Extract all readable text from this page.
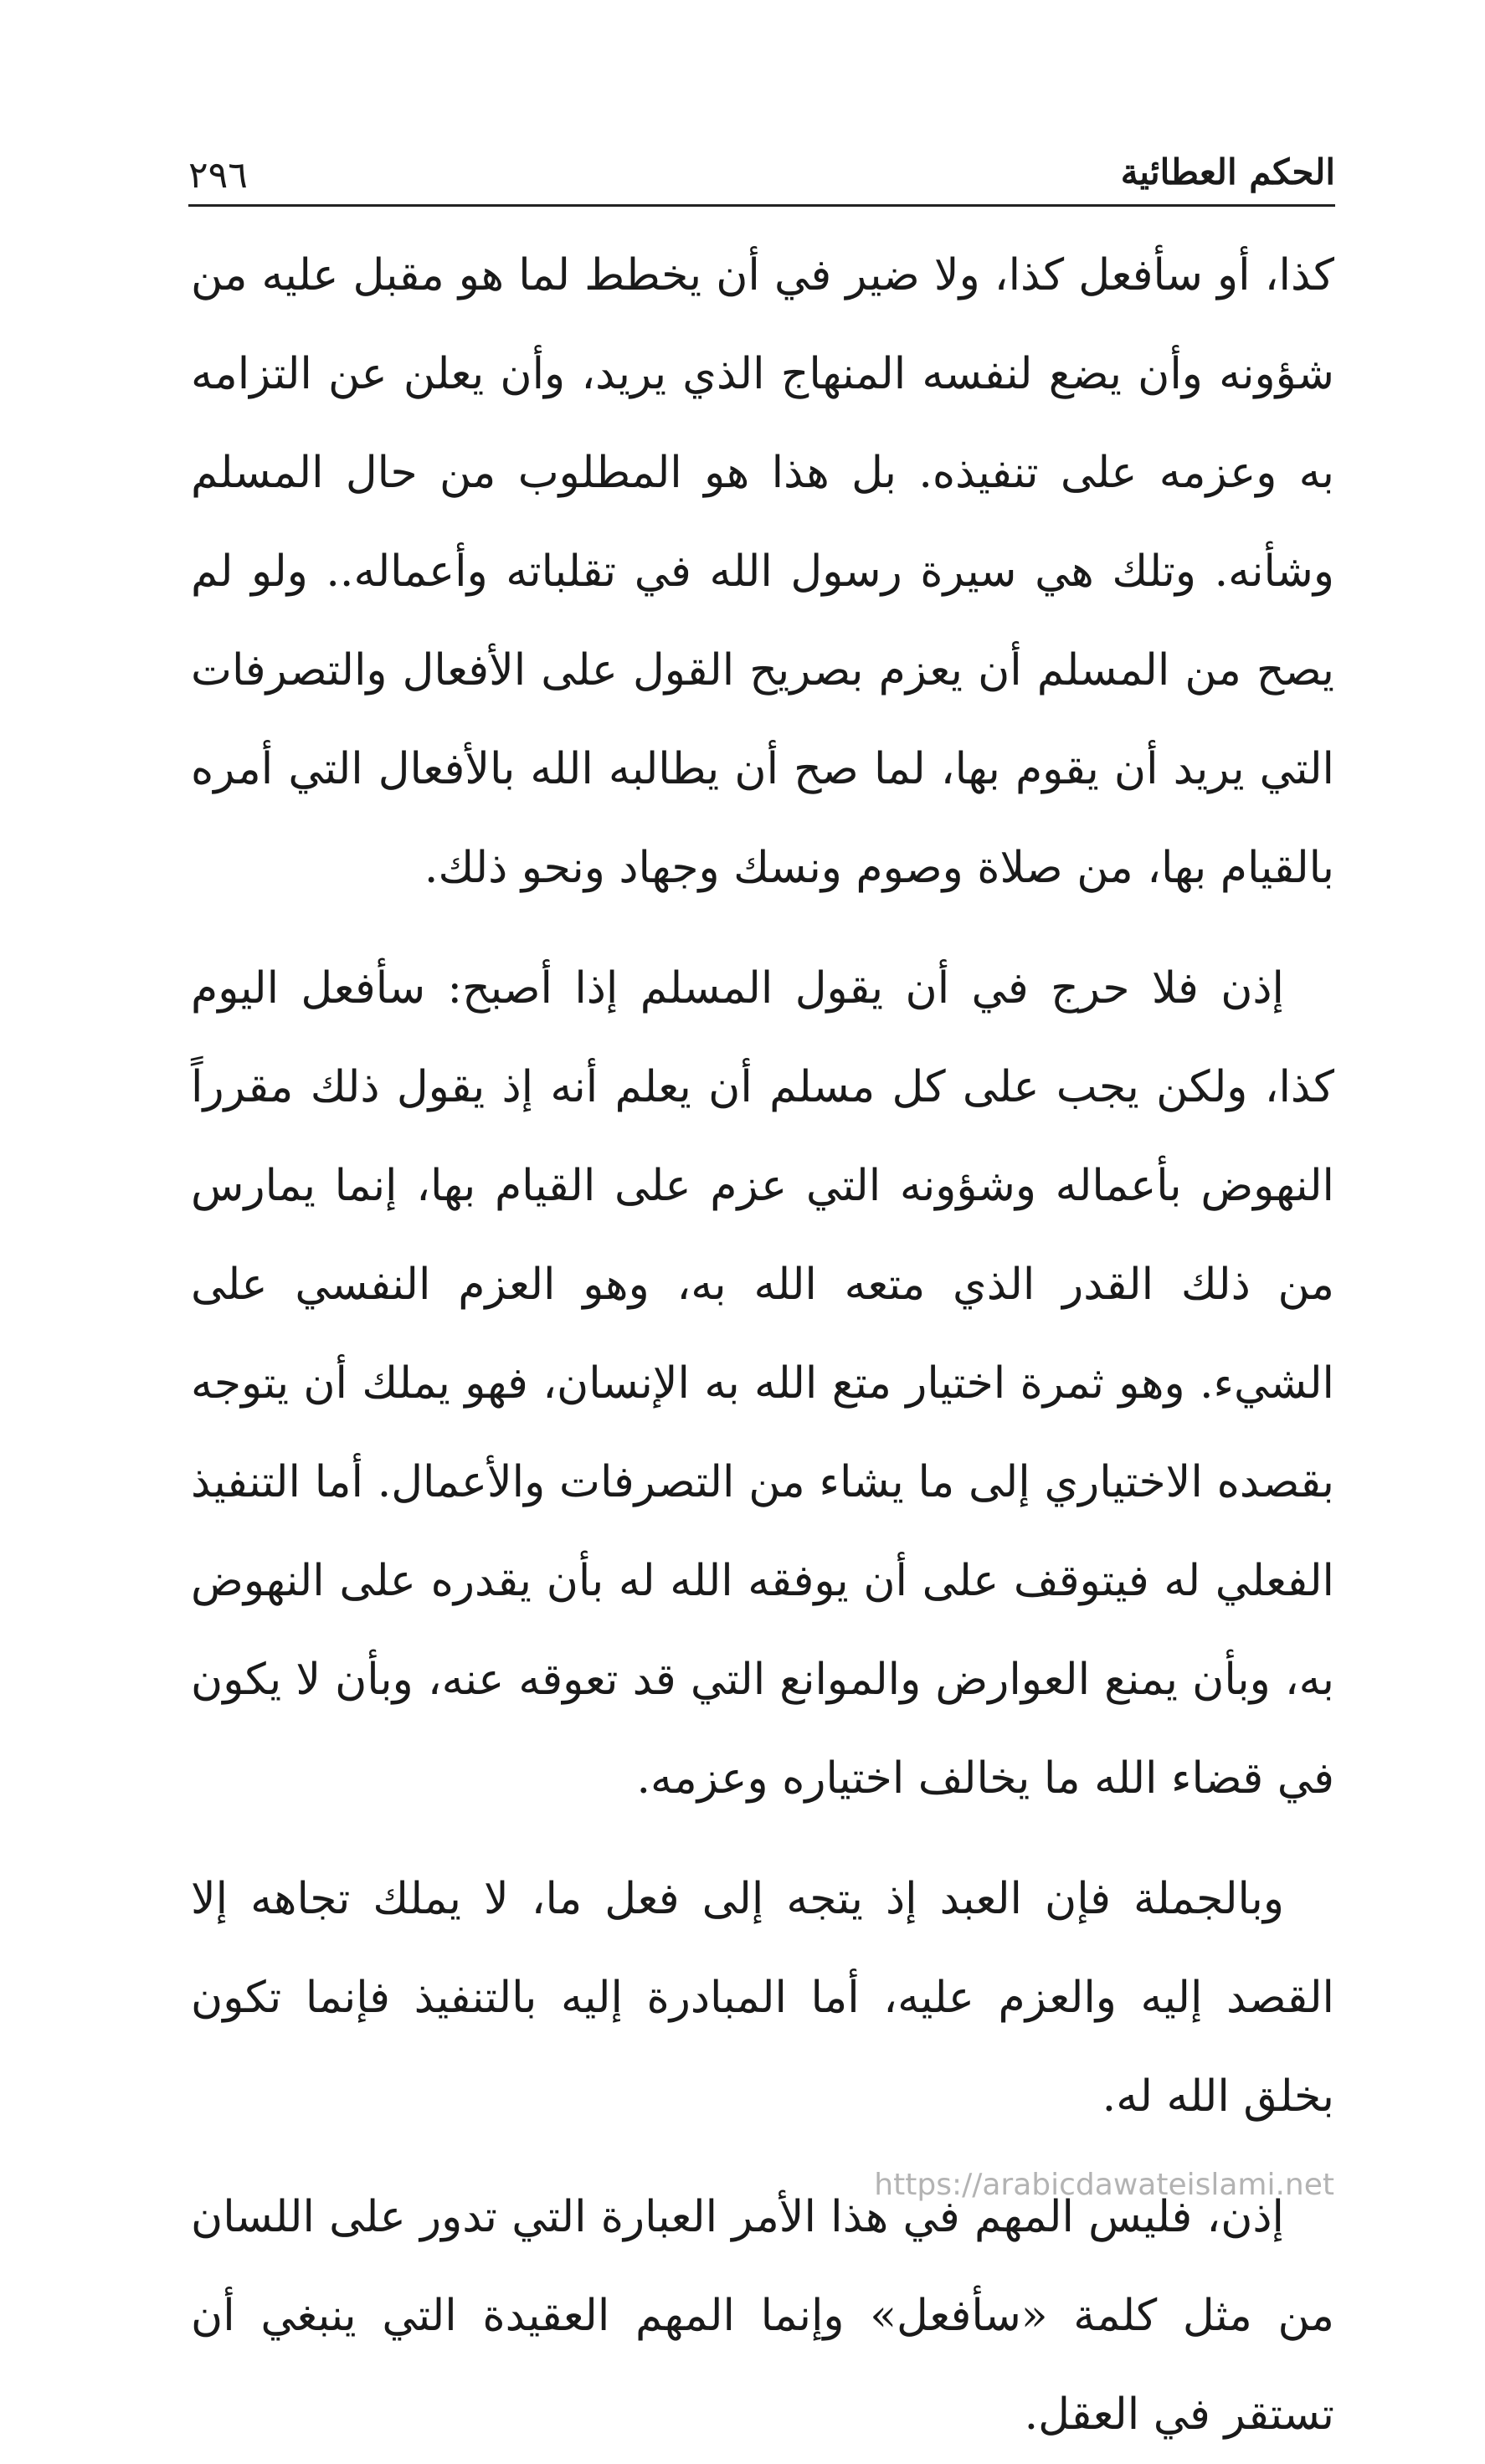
الحكم العطائية
٢٩٦

كذا، أو سأفعل كذا، ولا ضير في أن يخطط لما هو مقبل عليه من شؤونه وأن يضع لنفسه المنهاج الذي يريد، وأن يعلن عن التزامه به وعزمه على تنفيذه. بل هذا هو المطلوب من حال المسلم وشأنه. وتلك هي سيرة رسول الله في تقلباته وأعماله.. ولو لم يصح من المسلم أن يعزم بصريح القول على الأفعال والتصرفات التي يريد أن يقوم بها، لما صح أن يطالبه الله بالأفعال التي أمره بالقيام بها، من صلاة وصوم ونسك وجهاد ونحو ذلك.

إذن فلا حرج في أن يقول المسلم إذا أصبح: سأفعل اليوم كذا، ولكن يجب على كل مسلم أن يعلم أنه إذ يقول ذلك مقرراً النهوض بأعماله وشؤونه التي عزم على القيام بها، إنما يمارس من ذلك القدر الذي متعه الله به، وهو العزم النفسي على الشيء. وهو ثمرة اختيار متع الله به الإنسان، فهو يملك أن يتوجه بقصده الاختياري إلى ما يشاء من التصرفات والأعمال. أما التنفيذ الفعلي له فيتوقف على أن يوفقه الله له بأن يقدره على النهوض به، وبأن يمنع العوارض والموانع التي قد تعوقه عنه، وبأن لا يكون في قضاء الله ما يخالف اختياره وعزمه.

وبالجملة فإن العبد إذ يتجه إلى فعل ما، لا يملك تجاهه إلا القصد إليه والعزم عليه، أما المبادرة إليه بالتنفيذ فإنما تكون بخلق الله له.

إذن، فليس المهم في هذا الأمر العبارة التي تدور على اللسان من مثل كلمة «سأفعل» وإنما المهم العقيدة التي ينبغي أن تستقر في العقل.

https://arabicdawateislami.net
